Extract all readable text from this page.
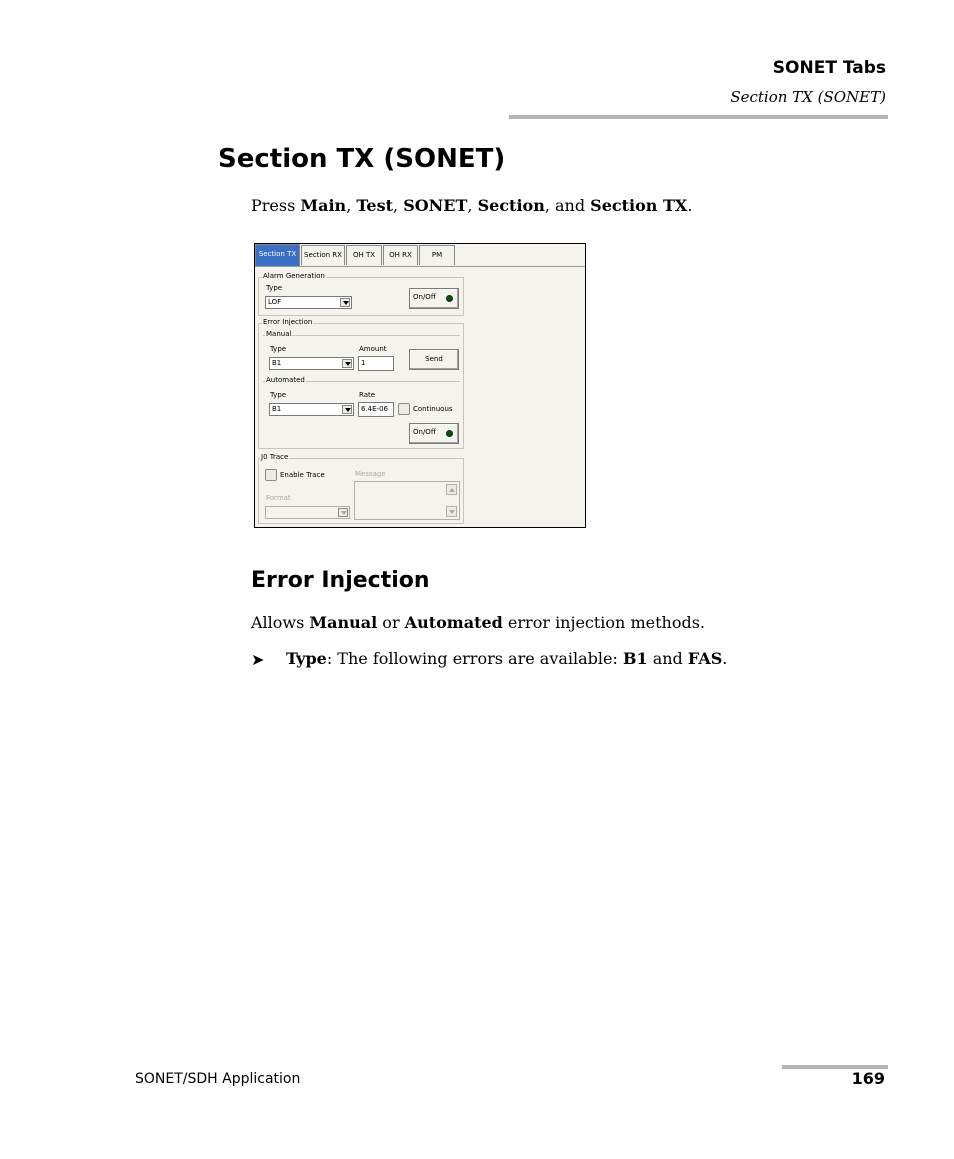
SONET Tabs
Section TX (SONET)
Section TX (SONET)
Press Main, Test, SONET, Section, and Section TX.
Section TX	Section RX	OH TX	OH RX	PM
Alarm Generation
Type
LOF
On/Off
Error Injection
Manual
Type
B1
Amount
1	Send
Automated
Type
B1
Rate
6.4E-06	Continuous
On/Off
J0 Trace
Enable Trace	Message
Format
Error Injection
Allows Manual or Automated error injection methods.
➤ Type: The following errors are available: B1 and FAS.
SONET/SDH Application	169
